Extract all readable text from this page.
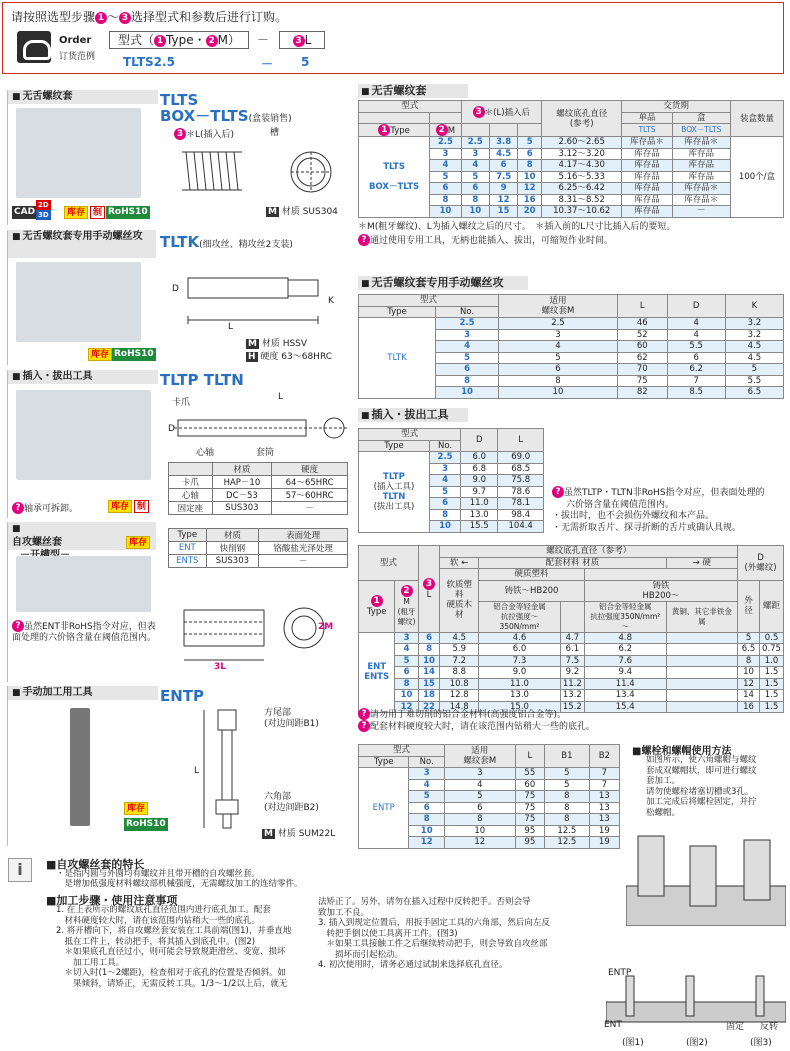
请按照选型步骤 1 ～ 3 选择型式和参数后进行订购。
Order
订货范例
型式（ 1 Type・ 2 M）	－	3 L
TLTS2.5	－ 5
■ 无舌螺纹套
CAD
2D
3D	库存 制 RoHS10
TLTS
BOX－TLTS(盒装销售)
3 ＊L(插入后)	槽
M 材质 SUS304
■ 无舌螺纹套专用手动螺丝攻
库存 RoHS10
TLTK(细攻丝、精攻丝2支装)
L
K
D
M 材质 HSSV
H 硬度 63～68HRC
■ 插入・拔出工具
? 轴承可拆卸。	库存 制
TLTP TLTN
卡爪
L
D
心轴	套筒
	材质	硬度
卡爪	HAP－10	64～65HRC
心轴	DC－53	57～60HRC
固定座	SUS303	－
■ 自攻螺丝套	库存
? 虽然ENT非RoHS指令对应，但表面处理的六价铬含量在阈值范围内。
Type	材质	表面处理
ENT	快削钢	铬酸盐光泽处理
ENTS	SUS303	－
2M
3L
■ 手动加工用工具
库存
RoHS10
ENTP
L
方尾部
(对边间距B1)
六角部
(对边间距B2)
M 材质 SUM22L
■ 无舌螺纹套
型式		3 ＊(L)插入后			螺纹底孔直径
(参考)	交货期		装盒数量
						单品	盒	
1 Type	2 M					TLTS	BOX－TLTS	

TLTS

BOX－TLTS	2.5	2.5	3.8	5	2.60～2.65	库存品＊	库存品＊	100个/盒
	3	3	4.5	6	3.12～3.20	库存品	库存品	
	4	4	6	8	4.17～4.30	库存品	库存品	
	5	5	7.5	10	5.16～5.33	库存品	库存品	
	6	6	9	12	6.25～6.42	库存品	库存品＊	
	8	8	12	16	8.31～8.52	库存品	库存品＊	
	10	10	15	20	10.37～10.62	库存品	－	
＊M(粗牙螺纹)、L为插入螺纹之后的尺寸。　＊插入前的L尺寸比插入后的要短。
? 通过使用专用工具，无柄也能插入、拔出，可缩短作业时间。
■ 无舌螺纹套专用手动螺丝攻
型式		适用
螺纹套M	L	D	K
Type	No.				
TLTK	2.5	2.5	46	4	3.2
	3	3	52	4	3.2
	4	4	60	5.5	4.5
	5	5	62	6	4.5
	6	6	70	6.2	5
	8	8	75	7	5.5
	10	10	82	8.5	6.5
■ 插入・拔出工具
型式		D	L
Type	No.		

TLTP
(插入工具)
TLTN
(拔出工具)	2.5	6.0	69.0
	3	6.8	68.5
	4	9.0	75.8
	5	9.7	78.6
	6	11.0	78.1
	8	13.0	98.4
	10	15.5	104.4
? 虽然TLTP・TLTN非RoHS指令对应，但表面处理的
六价铬含量在阈值范围内。
・拔出时，也不会损伤外螺纹和本产品。
・无需折取舌片、探寻折断的舌片或确认具规。
型式		3L	螺纹底孔直径（参考）					D
(外螺纹)	
			软 ←	配套材料 材质			→ 硬		
			软质塑料
硬质木材	硬质塑料					
1Type	2M
(粗牙
螺纹)			铸铁～HB200		铸铁
HB200～		外径	螺距
				铝合金等轻金属
抗拉强度～350N/mm²		铝合金等轻金属
抗拉强度350N/mm²～	黄铜、其它非铁金属		

ENT
ENTS	3	6	4.5	4.6	4.7	4.8		5	0.5
	4	8	5.9	6.0	6.1	6.2		6.5	0.75
	5	10	7.2	7.3	7.5	7.6		8	1.0
	6	14	8.8	9.0	9.2	9.4		10	1.5
	8	15	10.8	11.0	11.2	11.4		12	1.5
	10	18	12.8	13.0	13.2	13.4		14	1.5
	12	22	14.8	15.0	15.2	15.4		16	1.5
? 请勿用于难切削的铝合金材料(高强度铝合金等)。
? 配套材料硬度较大时，请在该范围内钻稍大一些的底孔。
型式		适用
螺纹套M	L	B1	B2
Type	No.				
ENTP	3	3	55	5	7
	4	4	60	5	7
	5	5	75	8	13
	6	6	75	8	13
	8	8	75	8	13
	10	10	95	12.5	19
	12	12	95	12.5	19
■螺栓和螺帽使用方法
如图所示，使六角螺帽与螺纹
套成双螺帽状，即可进行螺纹
套加工。
请勿使螺栓堵塞切槽或3孔。
加工完成后将螺栓固定，并拧
松螺帽。
i	■自攻螺丝套的特长
・是指内圆与外圆均有螺纹并且带开槽的自攻螺丝套。
　是增加低强度材料螺纹部机械强度，无需螺纹加工的连结零件。
■加工步骤・使用注意事项
1. 在上表所示的螺纹底孔直径范围内进行底孔加工。配套
　材料硬度较大时，请在该范围内钻稍大一些的底孔。
2. 将开槽向下，将自攻螺丝套安装在工具前端(图1)，并垂直地
　抵在工件上，转动把手，将其插入到底孔中。(图2)
　＊如果底孔直径过小，则可能会导致规距滑丝、变宽、损坏
　　加工用工具。
　＊切入时(1～2螺距)，检查相对于底孔的位置是否倾斜。如
　　果倾斜，请矫正，无需反转工具。1/3～1/2以上后，就无
法矫正了。另外，请勿在插入过程中反转把手。否则会导
致加工不良。
3. 插入到规定位置后，用扳手固定工具的六角部，然后向左反
　转把手倒以使工具离开工件。(图3)
　＊如果工具接触工件之后继续转动把手，则会导致自攻丝部
　　损坏而引起松动。
4. 初次使用时，请务必通过试制来选择底孔直径。
ENTP
ENT	反转
固定
(图1)	(图2)	(图3)
